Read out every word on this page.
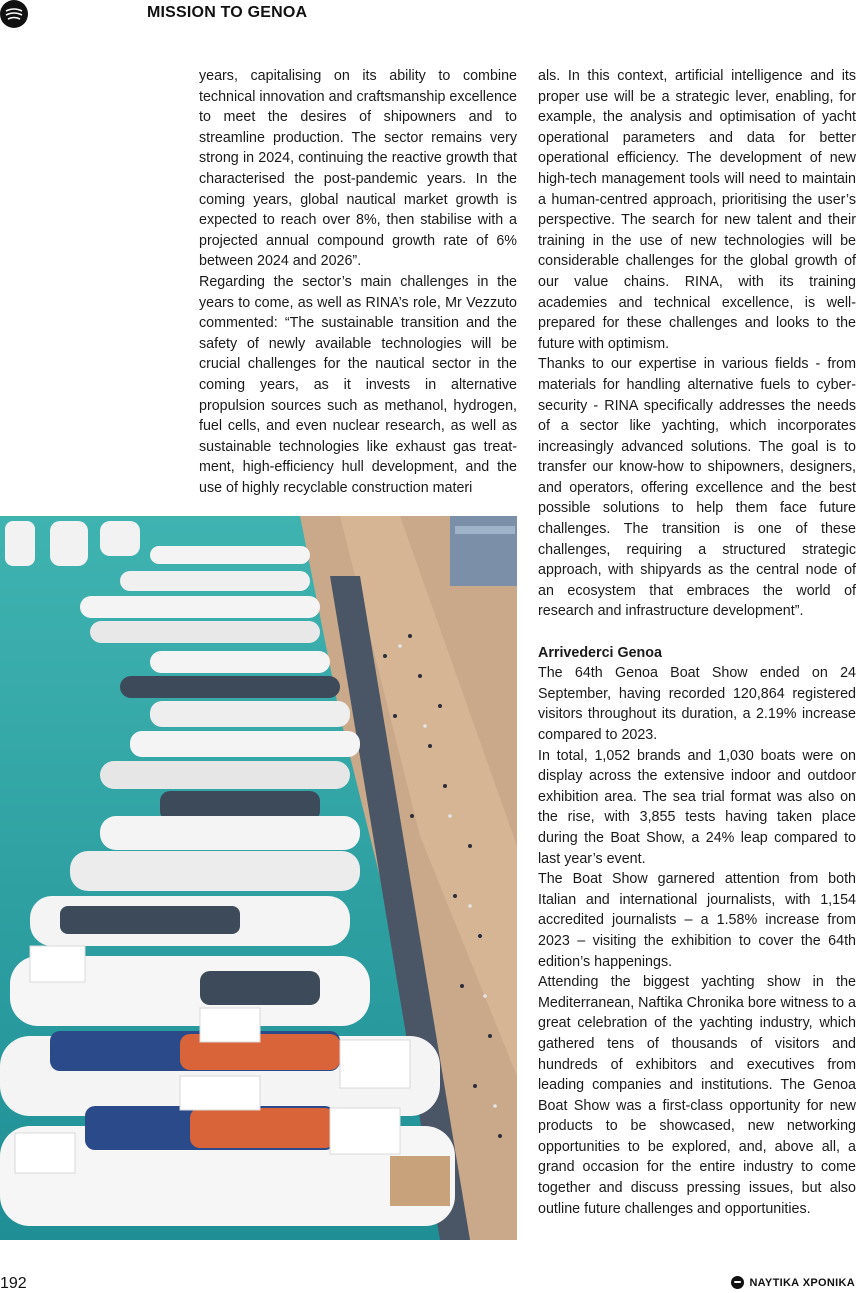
MISSION TO GENOA

years, capitalising on its ability to combine technical innovation and craftsmanship excellence to meet the desires of shipowners and to streamline production. The sector remains very strong in 2024, continuing the reactive growth that characterised the post-pandemic years. In the coming years, global nautical market growth is expected to reach over 8%, then stabilise with a projected annual compound growth rate of 6% between 2024 and 2026”.

Regarding the sector’s main challenges in the years to come, as well as RINA’s role, Mr Vezzuto commented: “The sustainable transition and the safety of newly available technologies will be crucial challenges for the nautical sector in the coming years, as it invests in alternative propulsion sources such as methanol, hydrogen, fuel cells, and even nuclear research, as well as sustainable technologies like exhaust gas treatment, high-efficiency hull development, and the use of highly recyclable construction materi

als. In this context, artificial intelligence and its proper use will be a strategic lever, enabling, for example, the analysis and optimisation of yacht operational parameters and data for better operational efficiency. The development of new high-tech management tools will need to maintain a human-centred approach, prioritising the user’s perspective. The search for new talent and their training in the use of new technologies will be considerable challenges for the global growth of our value chains. RINA, with its training academies and technical excellence, is well-prepared for these challenges and looks to the future with optimism.

Thanks to our expertise in various fields - from materials for handling alternative fuels to cybersecurity - RINA specifically addresses the needs of a sector like yachting, which incorporates increasingly advanced solutions. The goal is to transfer our know-how to shipowners, designers, and operators, offering excellence and the best possible solutions to help them face future challenges. The transition is one of these challenges, requiring a structured strategic approach, with shipyards as the central node of an ecosystem that embraces the world of research and infrastructure development”.

Arrivederci Genoa

The 64th Genoa Boat Show ended on 24 September, having recorded 120,864 registered visitors throughout its duration, a 2.19% increase compared to 2023.

In total, 1,052 brands and 1,030 boats were on display across the extensive indoor and outdoor exhibition area. The sea trial format was also on the rise, with 3,855 tests having taken place during the Boat Show, a 24% leap compared to last year’s event.

The Boat Show garnered attention from both Italian and international journalists, with 1,154 accredited journalists – a 1.58% increase from 2023 – visiting the exhibition to cover the 64th edition’s happenings.

Attending the biggest yachting show in the Mediterranean, Naftika Chronika bore witness to a great celebration of the yachting industry, which gathered tens of thousands of visitors and hundreds of exhibitors and executives from leading companies and institutions. The Genoa Boat Show was a first-class opportunity for new products to be showcased, new networking opportunities to be explored, and, above all, a grand occasion for the entire industry to come together and discuss pressing issues, but also outline future challenges and opportunities.

192	ΝΑΥΤΙΚΑ ΧΡΟΝΙΚΑ
